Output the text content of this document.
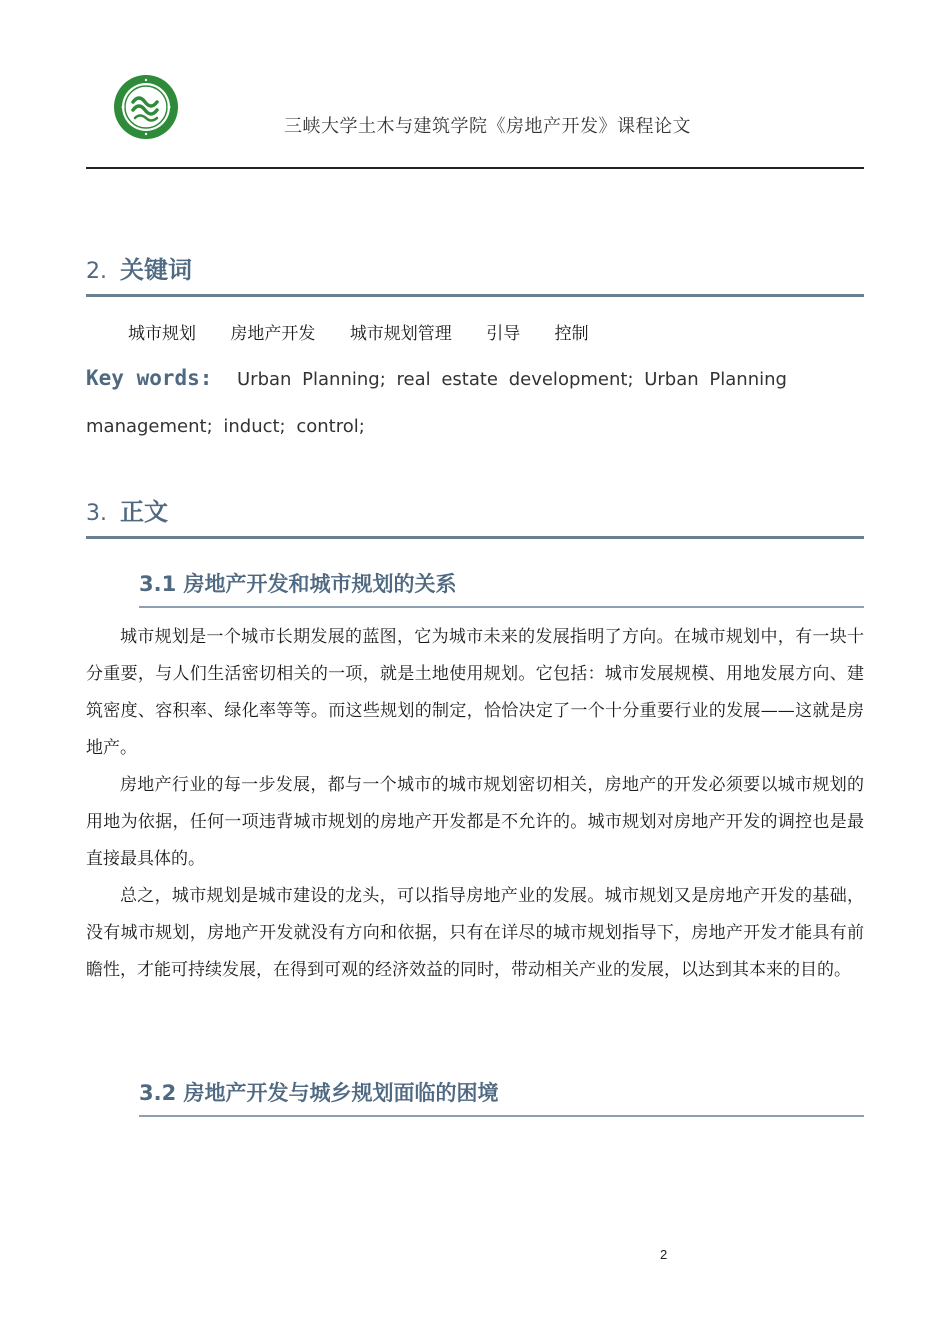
三峡大学土木与建筑学院《房地产开发》课程论文
2. 关键词
城市规划 房地产开发 城市规划管理 引导 控制
Key words: Urban Planning; real estate development; Urban Planning
management; induct; control;
3. 正文
3.1 房地产开发和城市规划的关系

城市规划是一个城市长期发展的蓝图，它为城市未来的发展指明了方向。在城市规划中，有一块十分重要，与人们生活密切相关的一项，就是土地使用规划。它包括：城市发展规模、用地发展方向、建筑密度、容积率、绿化率等等。而这些规划的制定，恰恰决定了一个十分重要行业的发展——这就是房地产。

房地产行业的每一步发展，都与一个城市的城市规划密切相关，房地产的开发必须要以城市规划的用地为依据，任何一项违背城市规划的房地产开发都是不允许的。城市规划对房地产开发的调控也是最直接最具体的。

总之，城市规划是城市建设的龙头，可以指导房地产业的发展。城市规划又是房地产开发的基础，没有城市规划，房地产开发就没有方向和依据，只有在详尽的城市规划指导下，房地产开发才能具有前瞻性，才能可持续发展，在得到可观的经济效益的同时，带动相关产业的发展，以达到其本来的目的。

3.2 房地产开发与城乡规划面临的困境
2
